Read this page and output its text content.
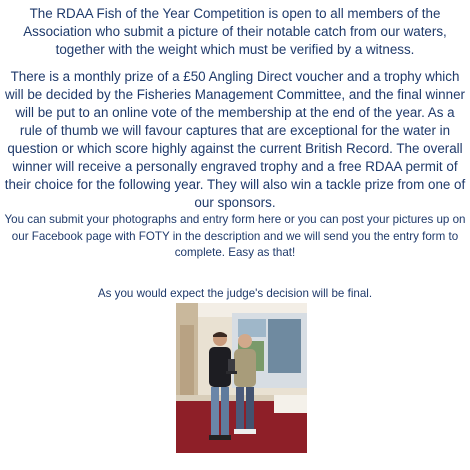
The RDAA Fish of the Year Competition is open to all members of the Association who submit a picture of their notable catch from our waters, together with the weight which must be verified by a witness.

There is a monthly prize of a £50 Angling Direct voucher and a trophy which will be decided by the Fisheries Management Committee, and the final winner will be put to an online vote of the membership at the end of the year. As a rule of thumb we will favour captures that are exceptional for the water in question or which score highly against the current British Record. The overall winner will receive a personally engraved trophy and a free RDAA permit of their choice for the following year. They will also win a tackle prize from one of our sponsors.

You can submit your photographs and entry form here or you can post your pictures up on our Facebook page with FOTY in the description and we will send you the entry form to complete. Easy as that!

As you would expect the judge's decision will be final.
